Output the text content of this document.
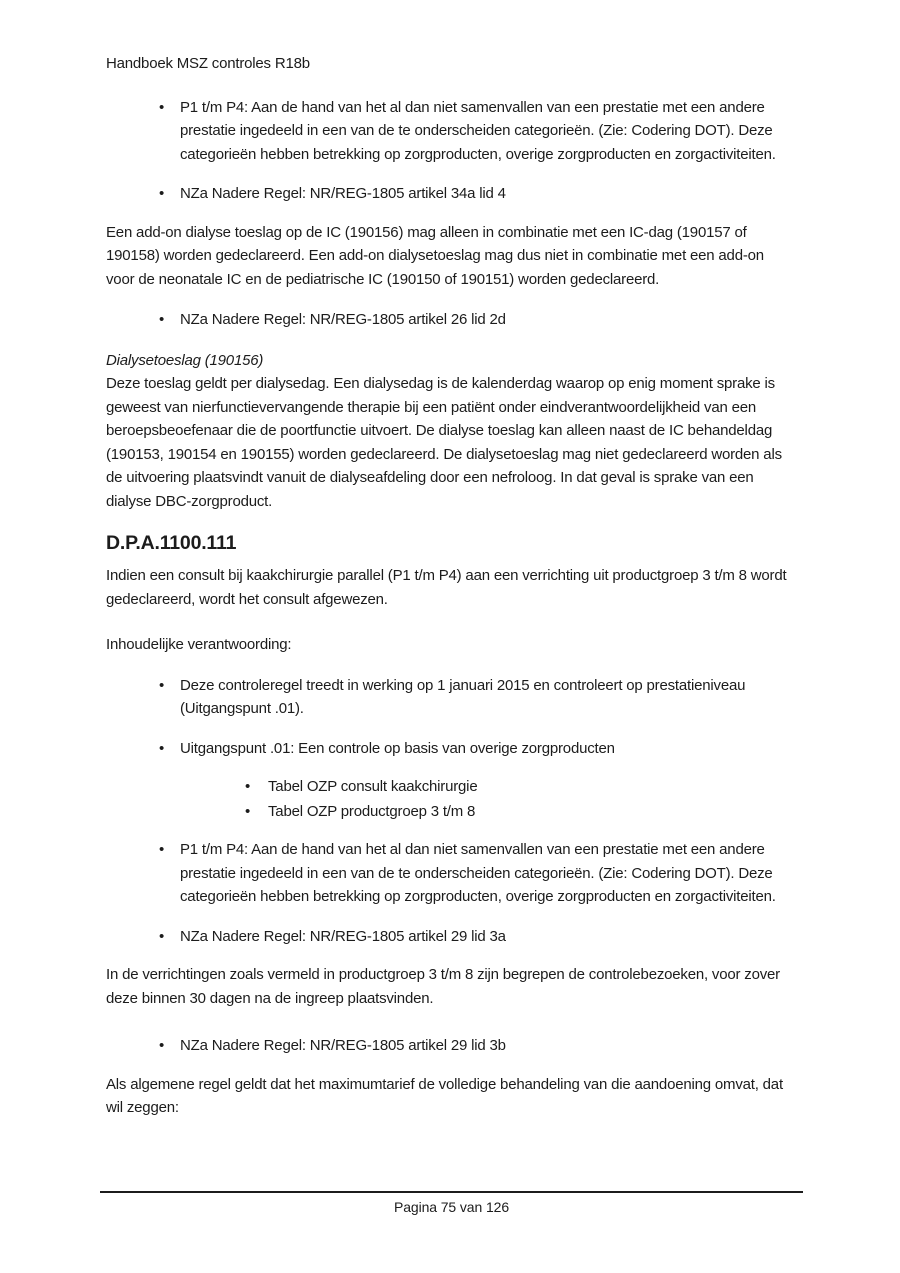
Handboek MSZ controles R18b
•
P1 t/m P4: Aan de hand van het al dan niet samenvallen van een prestatie met een andere prestatie ingedeeld in een van de te onderscheiden categorieën. (Zie: Codering DOT). Deze categorieën hebben betrekking op zorgproducten, overige zorgproducten en zorgactiviteiten.
•
NZa Nadere Regel: NR/REG-1805 artikel 34a lid 4

Een add-on dialyse toeslag op de IC (190156) mag alleen in combinatie met een IC-dag (190157 of 190158) worden gedeclareerd. Een add-on dialysetoeslag mag dus niet in combinatie met een add-on voor de neonatale IC en de pediatrische IC (190150 of 190151) worden gedeclareerd.

•
NZa Nadere Regel: NR/REG-1805 artikel 26 lid 2d
Dialysetoeslag (190156)

Deze toeslag geldt per dialysedag. Een dialysedag is de kalenderdag waarop op enig moment sprake is geweest van nierfunctievervangende therapie bij een patiënt onder eindverantwoordelijkheid van een beroepsbeoefenaar die de poortfunctie uitvoert. De dialyse toeslag kan alleen naast de IC behandeldag (190153, 190154 en 190155) worden gedeclareerd. De dialysetoeslag mag niet gedeclareerd worden als de uitvoering plaatsvindt vanuit de dialyseafdeling door een nefroloog. In dat geval is sprake van een dialyse DBC-zorgproduct.

D.P.A.1100.111

Indien een consult bij kaakchirurgie parallel (P1 t/m P4) aan een verrichting uit productgroep 3 t/m 8 wordt gedeclareerd, wordt het consult afgewezen.

Inhoudelijke verantwoording:

•
Deze controleregel treedt in werking op 1 januari 2015 en controleert op prestatieniveau (Uitgangspunt .01).
•
Uitgangspunt .01: Een controle op basis van overige zorgproducten
•
Tabel OZP consult kaakchirurgie
•
Tabel OZP productgroep 3 t/m 8
•
P1 t/m P4: Aan de hand van het al dan niet samenvallen van een prestatie met een andere prestatie ingedeeld in een van de te onderscheiden categorieën. (Zie: Codering DOT). Deze categorieën hebben betrekking op zorgproducten, overige zorgproducten en zorgactiviteiten.
•
NZa Nadere Regel: NR/REG-1805 artikel 29 lid 3a

In de verrichtingen zoals vermeld in productgroep 3 t/m 8 zijn begrepen de controlebezoeken, voor zover deze binnen 30 dagen na de ingreep plaatsvinden.

•
NZa Nadere Regel: NR/REG-1805 artikel 29 lid 3b

Als algemene regel geldt dat het maximumtarief de volledige behandeling van die aandoening omvat, dat wil zeggen:

Pagina 75 van 126
